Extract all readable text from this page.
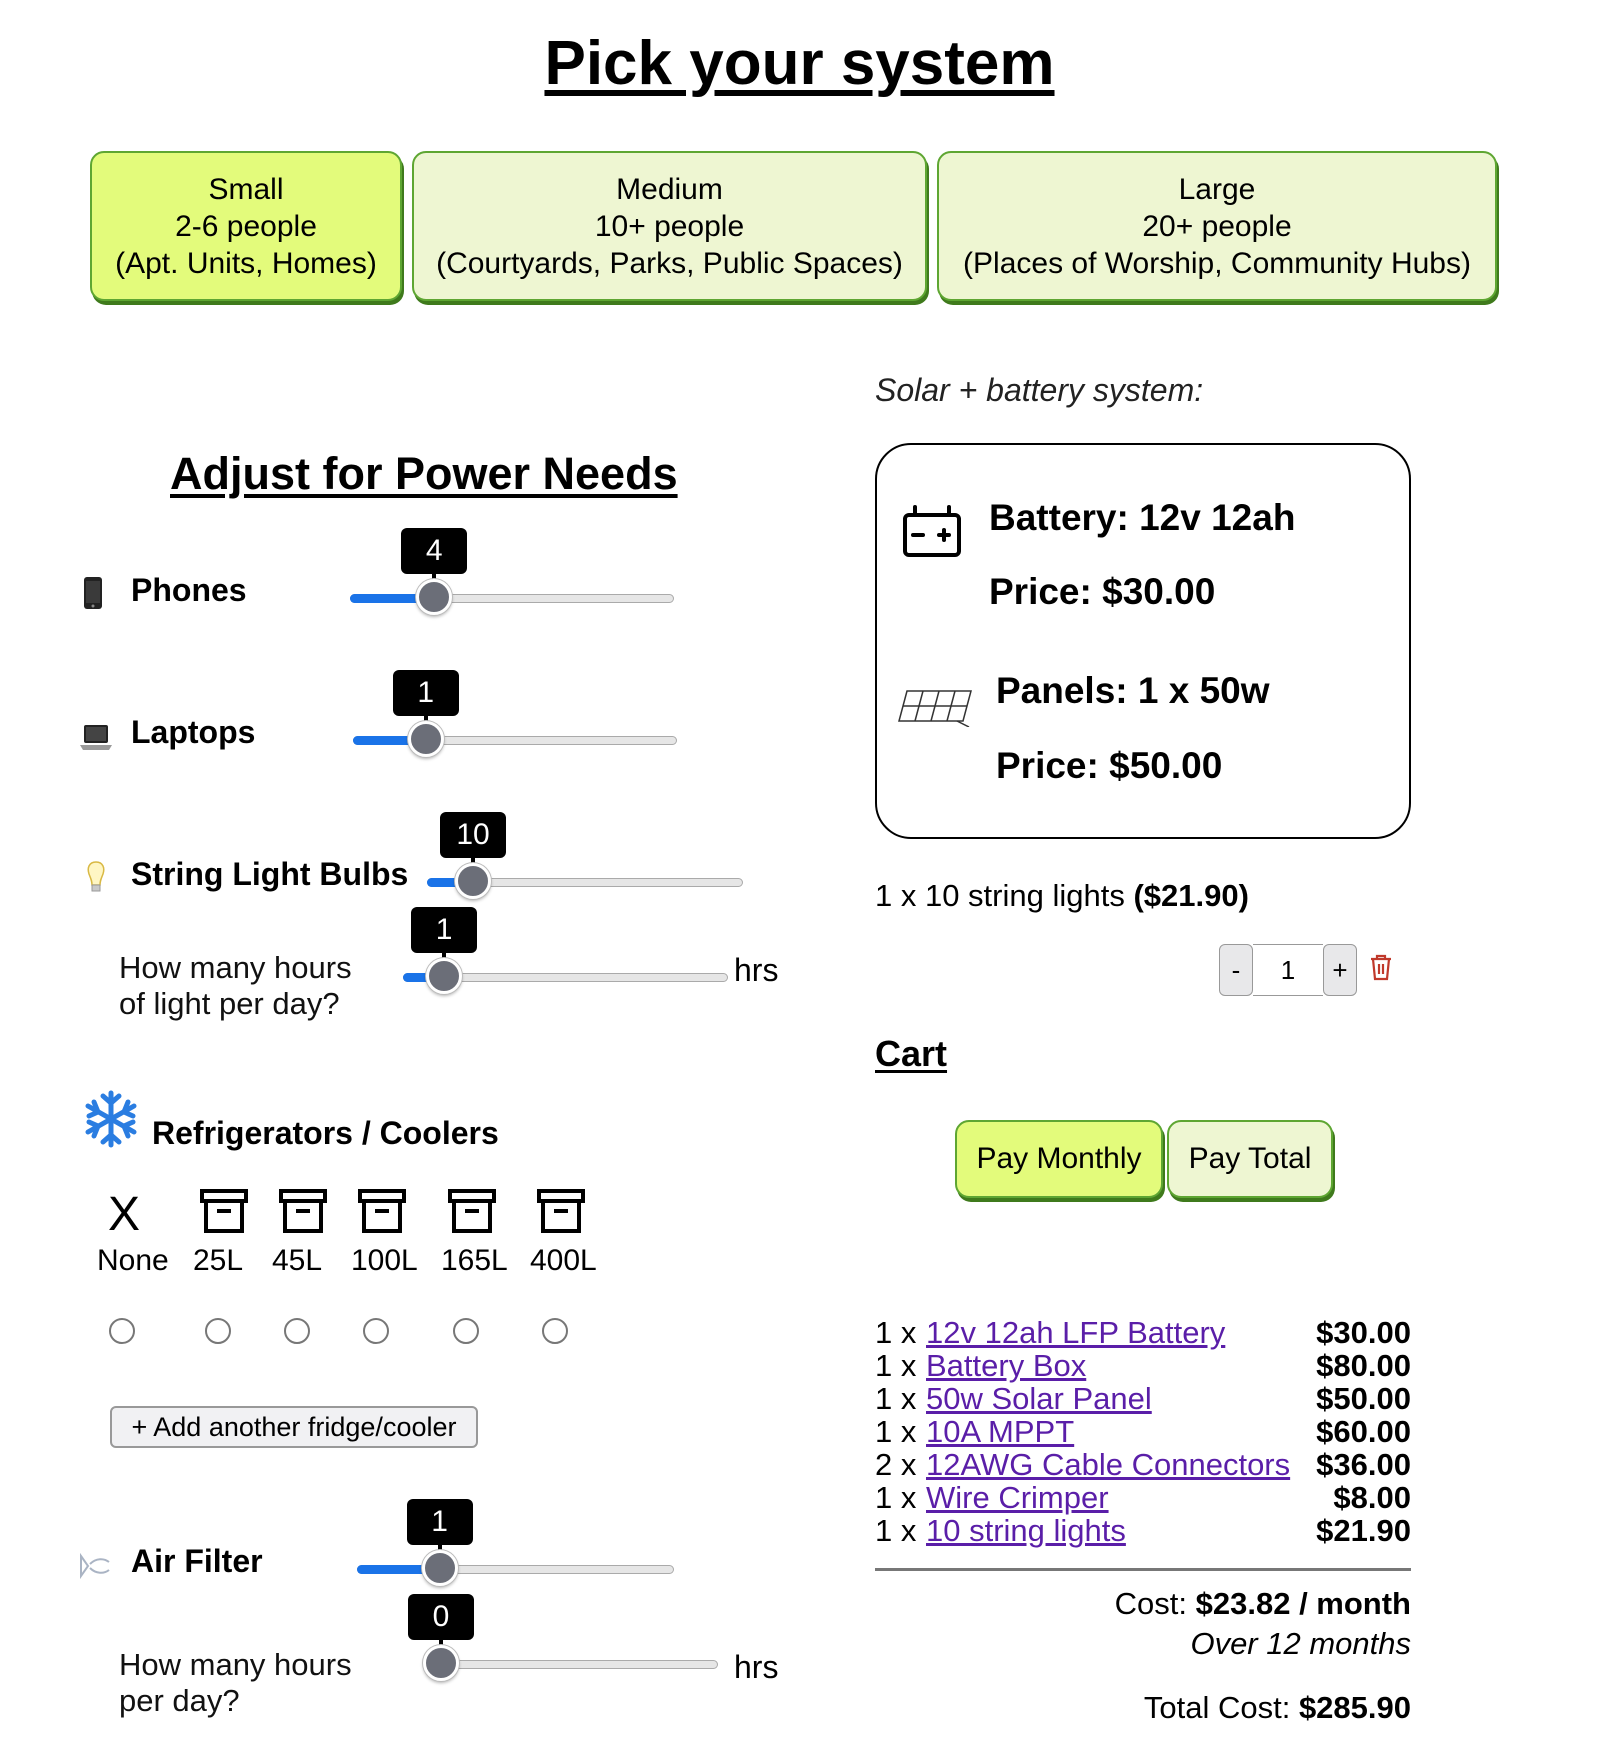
Pick your system
Small
2-6 people
(Apt. Units, Homes)
Medium
10+ people
(Courtyards, Parks, Public Spaces)
Large
20+ people
(Places of Worship, Community Hubs)
Adjust for Power Needs
Phones
4
Laptops
1
String Light Bulbs
10
How many hours
of light per day?
1
hrs
Refrigerators / Coolers
X
None 25L 45L 100L 165L 400L
+ Add another fridge/cooler
Air Filter
1
How many hours
per day?
0
hrs
Solar + battery system:
Battery: 12v 12ah
Price: $30.00
Panels: 1 x 50w
Price: $50.00
1 x 10 string lights ($21.90)
-	1	+
Cart
Pay Monthly	Pay Total
1 x 12v 12ah LFP Battery	$30.00
1 x Battery Box	$80.00
1 x 50w Solar Panel	$50.00
1 x 10A MPPT	$60.00
2 x 12AWG Cable Connectors $36.00
1 x Wire Crimper	$8.00
1 x 10 string lights	$21.90
Cost: $23.82 / month
Over 12 months
Total Cost: $285.90
